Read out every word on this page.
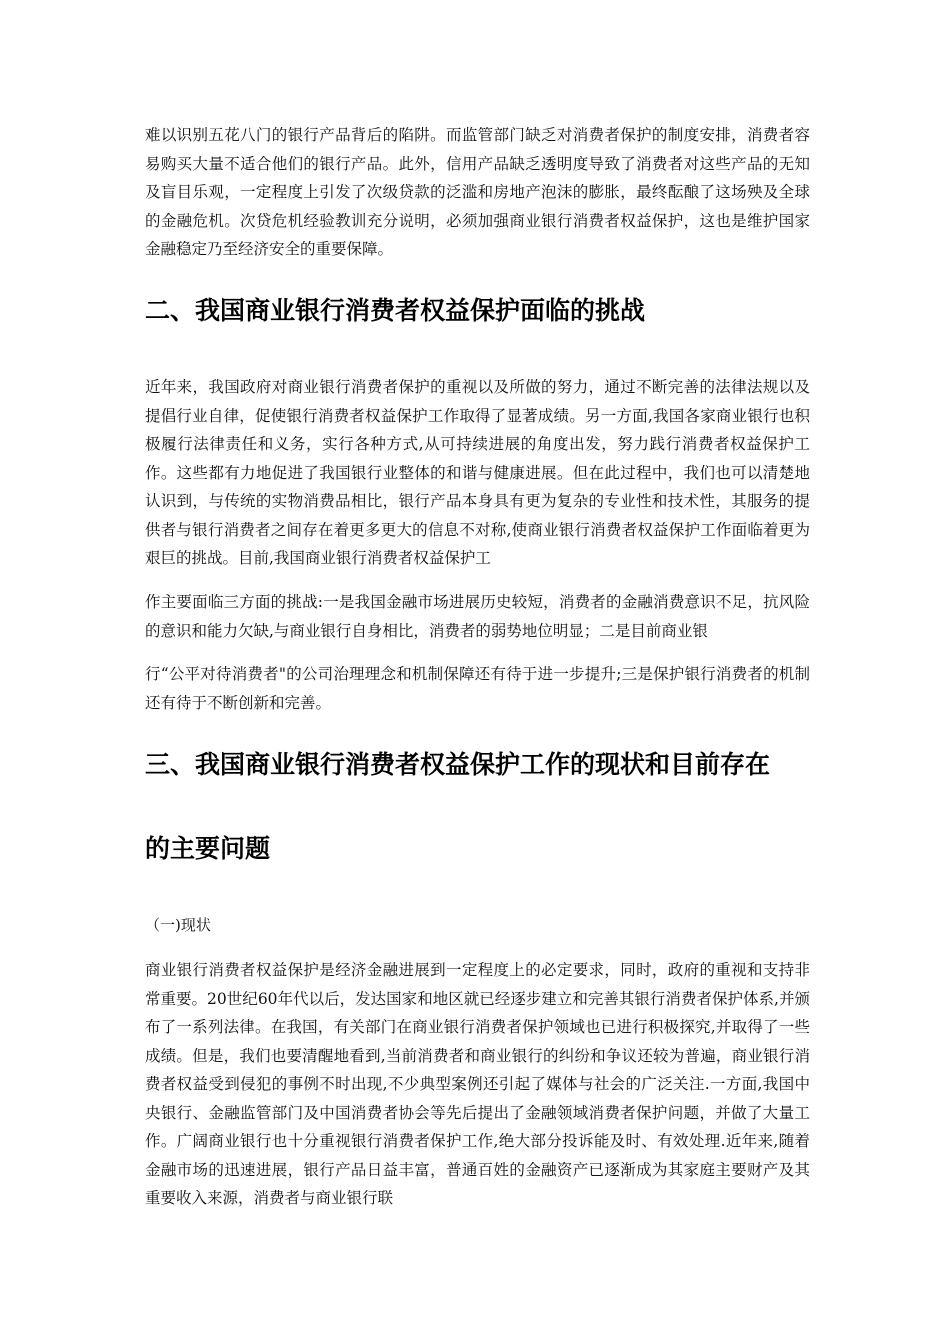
难以识别五花八门的银行产品背后的陷阱。而监管部门缺乏对消费者保护的制度安排，消费者容易购买大量不适合他们的银行产品。此外，信用产品缺乏透明度导致了消费者对这些产品的无知及盲目乐观，一定程度上引发了次级贷款的泛滥和房地产泡沫的膨胀，最终酝酿了这场殃及全球的金融危机。次贷危机经验教训充分说明，必须加强商业银行消费者权益保护，这也是维护国家金融稳定乃至经济安全的重要保障。

二、我国商业银行消费者权益保护面临的挑战

近年来，我国政府对商业银行消费者保护的重视以及所做的努力，通过不断完善的法律法规以及提倡行业自律，促使银行消费者权益保护工作取得了显著成绩。另一方面,我国各家商业银行也积极履行法律责任和义务，实行各种方式,从可持续进展的角度出发，努力践行消费者权益保护工作。这些都有力地促进了我国银行业整体的和谐与健康进展。但在此过程中，我们也可以清楚地认识到，与传统的实物消费品相比，银行产品本身具有更为复杂的专业性和技术性，其服务的提供者与银行消费者之间存在着更多更大的信息不对称,使商业银行消费者权益保护工作面临着更为艰巨的挑战。目前,我国商业银行消费者权益保护工

作主要面临三方面的挑战:一是我国金融市场进展历史较短，消费者的金融消费意识不足，抗风险的意识和能力欠缺,与商业银行自身相比，消费者的弱势地位明显；二是目前商业银

行“公平对待消费者"的公司治理理念和机制保障还有待于进一步提升;三是保护银行消费者的机制还有待于不断创新和完善。

三、我国商业银行消费者权益保护工作的现状和目前存在
的主要问题

（一)现状

商业银行消费者权益保护是经济金融进展到一定程度上的必定要求，同时，政府的重视和支持非常重要。20世纪60年代以后，发达国家和地区就已经逐步建立和完善其银行消费者保护体系,并颁布了一系列法律。在我国，有关部门在商业银行消费者保护领域也已进行积极探究,并取得了一些成绩。但是，我们也要清醒地看到,当前消费者和商业银行的纠纷和争议还较为普遍，商业银行消费者权益受到侵犯的事例不时出现,不少典型案例还引起了媒体与社会的广泛关注.一方面,我国中央银行、金融监管部门及中国消费者协会等先后提出了金融领域消费者保护问题，并做了大量工作。广阔商业银行也十分重视银行消费者保护工作,绝大部分投诉能及时、有效处理.近年来,随着金融市场的迅速进展，银行产品日益丰富，普通百姓的金融资产已逐渐成为其家庭主要财产及其重要收入来源，消费者与商业银行联
